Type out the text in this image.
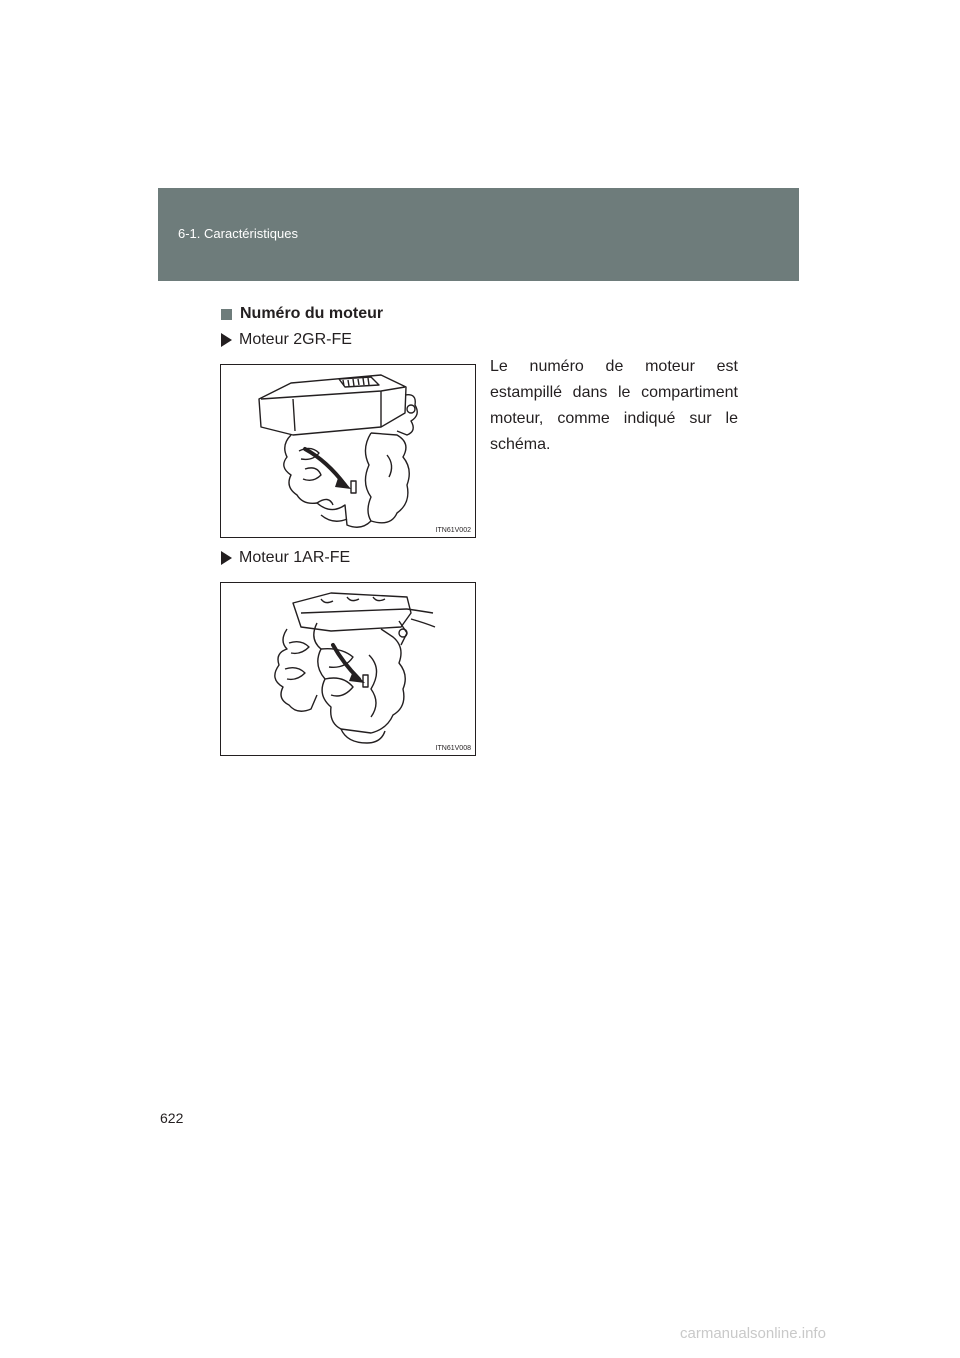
6-1. Caractéristiques
Numéro du moteur
Moteur 2GR-FE
ITN61V002
Le numéro de moteur est estampillé dans le compartiment moteur, comme indiqué sur le schéma.
Moteur 1AR-FE
ITN61V008
622
carmanualsonline.info
